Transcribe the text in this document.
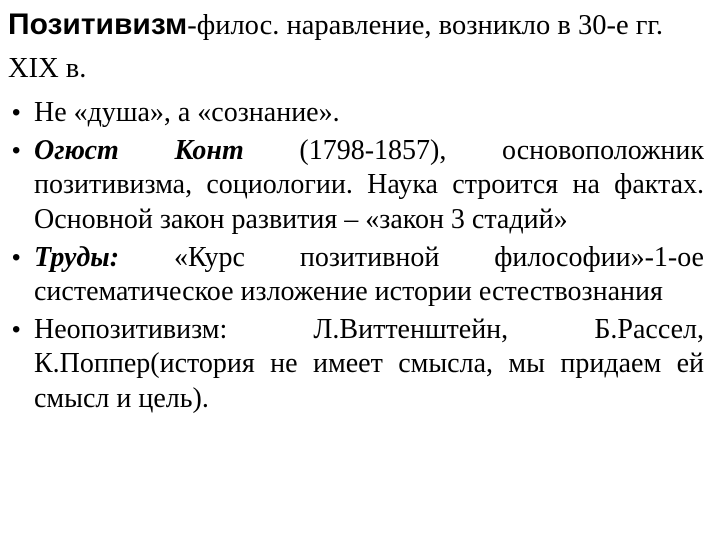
Позитивизм-филос. наравление, возникло в 30-е гг. XIX в.

• Не «душа», а «сознание».
• Огюст Конт (1798-1857), основоположник позитивизма, социологии. Наука строится на фактах. Основной закон развития – «закон 3 стадий»
• Труды: «Курс позитивной философии»-1-ое систематическое изложение истории естествознания
• Неопозитивизм: Л.Виттенштейн, Б.Рассел, К.Поппер(история не имеет смысла, мы придаем ей смысл и цель).
